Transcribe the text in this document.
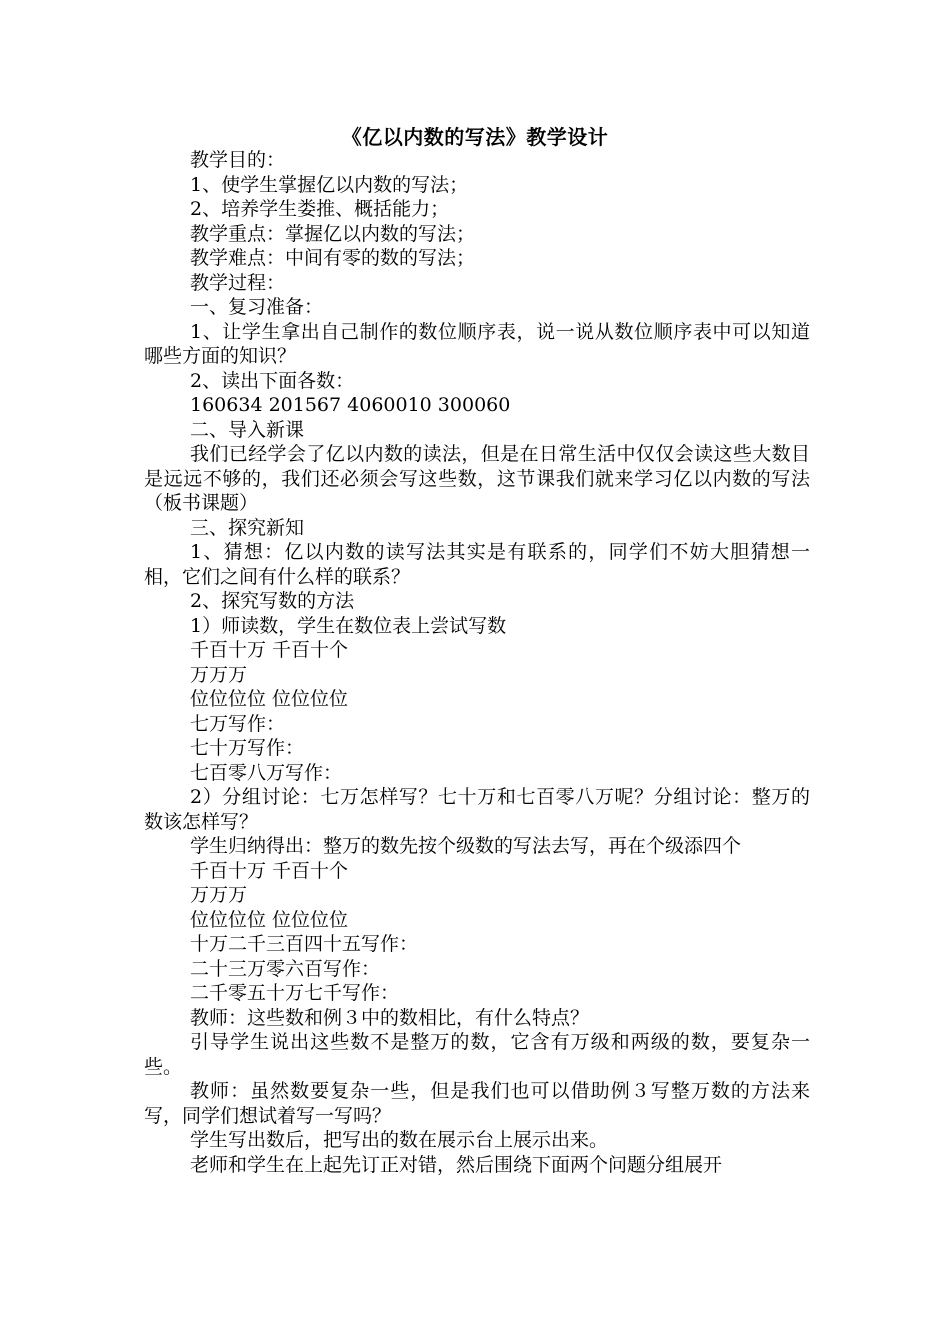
《亿以内数的写法》教学设计

教学目的：

1、使学生掌握亿以内数的写法；

2、培养学生娄推、概括能力；

教学重点：掌握亿以内数的写法；

教学难点：中间有零的数的写法；

教学过程：

一、复习准备：

1、让学生拿出自己制作的数位顺序表，说一说从数位顺序表中可以知道哪些方面的知识？

2、读出下面各数：

160634 201567 4060010 300060

二、导入新课

我们已经学会了亿以内数的读法，但是在日常生活中仅仅会读这些大数目是远远不够的，我们还必须会写这些数，这节课我们就来学习亿以内数的写法（板书课题）

三、探究新知

1、猜想：亿以内数的读写法其实是有联系的，同学们不妨大胆猜想一相，它们之间有什么样的联系？

2、探究写数的方法

1）师读数，学生在数位表上尝试写数

千百十万 千百十个

万万万

位位位位 位位位位

七万写作：

七十万写作：

七百零八万写作：

2）分组讨论：七万怎样写？七十万和七百零八万呢？分组讨论：整万的数该怎样写？

学生归纳得出：整万的数先按个级数的写法去写，再在个级添四个

千百十万 千百十个

万万万

位位位位 位位位位

十万二千三百四十五写作：

二十三万零六百写作：

二千零五十万七千写作：

教师：这些数和例３中的数相比，有什么特点？

引导学生说出这些数不是整万的数，它含有万级和两级的数，要复杂一些。

教师：虽然数要复杂一些，但是我们也可以借助例３写整万数的方法来写，同学们想试着写一写吗？

学生写出数后，把写出的数在展示台上展示出来。

老师和学生在上起先订正对错，然后围绕下面两个问题分组展开
